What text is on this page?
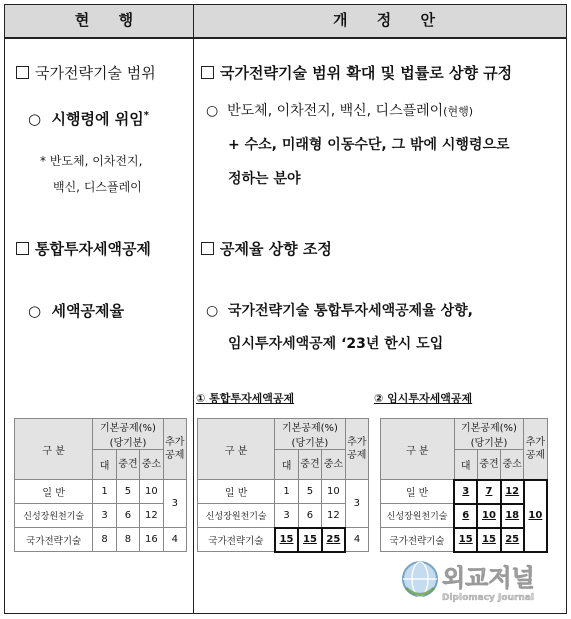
현 행	개 정 안
국가전략기술 범위
○ 시행령에 위임*
* 반도체, 이차전지,
백신, 디스플레이
통합투자세액공제
○ 세액공제율
국가전략기술 범위 확대 및 법률로 상향 규정
○ 반도체, 이차전지, 백신, 디스플레이(현행)
+ 수소, 미래형 이동수단, 그 밖에 시행령으로
정하는 분야
공제율 상향 조정
○ 국가전략기술 통합투자세액공제율 상향,
임시투자세액공제 ‘23년 한시 도입
① 통합투자세액공제	② 임시투자세액공제
구 분	기본공제(%)
(당기분)			추가공제
	대	중견	중소	
일 반	1	5	10	3
신성장원천기술	3	6	12	
국가전략기술	8	8	16	4
구 분	기본공제(%)
(당기분)			추가공제
	대	중견	중소	
일 반	1	5	10	3
신성장원천기술	3	6	12	
국가전략기술	15	15	25	4
구 분	기본공제(%)
(당기분)			추가공제
	대	중견	중소	
일 반	3	7	12	10
신성장원천기술	6	10	18	
국가전략기술	15	15	25	
외교저널
Diplomacy Journal
